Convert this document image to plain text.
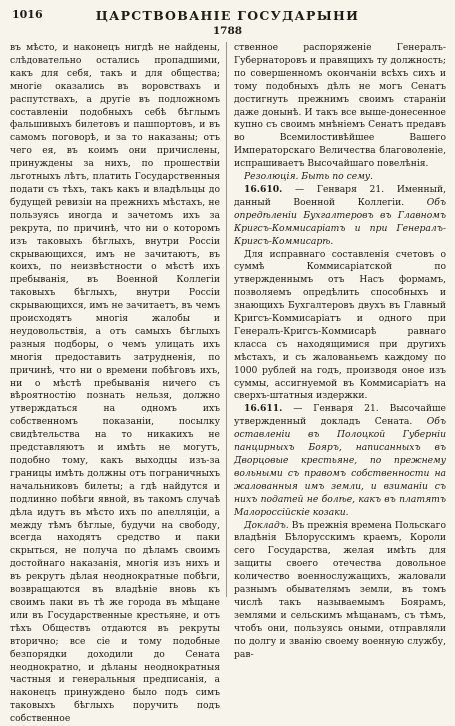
1016	ЦАРСТВОВАНІЕ ГОСУДАРЫНИ
1788

въ мѣсто, и наконецъ нигдѣ не найдены, слѣдовательно остались пропадшими, какъ для себя, такъ и для общества; многіе оказались въ воровствахъ и распутствахъ, а другіе въ подложномъ составленіи подобныхъ себѣ бѣглымъ фальшивыхъ билетовъ и пашпортовъ, и въ самомъ поговорѣ, и за то наказаны; отъ чего ея, въ коимъ они причислены, принуждены за нихъ, по прошествіи льготныхъ лѣтъ, платить Государственныя подати съ тѣхъ, такъ какъ и владѣльцы до будущей ревизіи на прежнихъ мѣстахъ, не пользуясь иногда и зачетомъ ихъ за рекрута, по причинѣ, что ни о которомъ изъ таковыхъ бѣглыхъ, внутри Россіи скрывающихся, имъ не зачитаютъ, въ коихъ, по неизвѣстности о мѣстѣ ихъ пребыванія, въ Военной Коллегіи таковыхъ бѣглыхъ, внутри Россіи скрывающихся, имъ не зачитаетъ, въ чемъ происходятъ многія жалобы и неудовольствія, а отъ самыхъ бѣглыхъ разныя подборы, о чемъ улицать ихъ многія предоставить затрудненія, по причинѣ, что ни о времени побѣговъ ихъ, ни о мѣстѣ пребыванія ничего съ вѣроятностію познать нельзя, должно утверждаться на одномъ ихъ собственномъ показаніи, посылку свидѣтельства на то никакихъ не представляютъ и имѣть не могутъ, подобно тому, какъ выходцы изъ-за границы имѣть должны отъ пограничныхъ начальниковъ билеты; а гдѣ найдутся и подлинно побѣги явной, въ такомъ случаѣ дѣла идутъ въ мѣсто ихъ по апелляціи, а между тѣмъ бѣглые, будучи на свободу, всегда находятъ средство и паки скрыться, не получа по дѣламъ своимъ достойнаго наказанія, многія изъ нихъ и въ рекрутъ дѣлая неоднократные побѣги, возвращаются въ владѣніе вновь къ своимъ паки въ тѣ же города въ мѣщане или въ Государственные крестьяне, и отъ тѣхъ Обществъ отдаются въ рекруты вторично; все сіе и тому подобные безпорядки доходили до Сената неоднократно, и дѣланы неоднократныя частныя и генеральныя предписанія, а наконецъ принуждено было подъ симъ таковыхъ бѣглыхъ поручить подъ собственное

ственное распоряженіе Генералъ-Губернаторовъ и правящихъ ту должность; по совершенномъ окончаніи всѣхъ сихъ и тому подобныхъ дѣлъ не могъ Сенатъ достигнуть прежнимъ своимъ стараніи даже донынѣ. И такъ все выше-донесенное купно съ своимъ мнѣніемъ Сенатъ предавъ во Всемилостивѣйшее Вашего Императорскаго Величества благоволеніе, испрашиваетъ Высочайшаго повелѣнія.

Резолюція. Быть по сему.

16.610. — Генваря 21. Именный, данный Военной Коллегіи. Объ опредѣленіи Бухгалтеровъ въ Главномъ Кригсъ-Коммисаріатъ и при Генералъ-Кригсъ-Коммисарѣ.

Для исправнаго составленія счетовъ о суммѣ Коммисаріатской по утвержденнымъ отъ Насъ формамъ, позволяемъ опредѣлить способныхъ и знающихъ Бухгалтеровъ двухъ въ Главный Кригсъ-Коммисаріатъ и одного при Генералъ-Кригсъ-Коммисарѣ равнаго класса съ находящимися при другихъ мѣстахъ, и съ жалованьемъ каждому по 1000 рублей на годъ, производя оное изъ суммы, ассигнуемой въ Коммисаріатъ на сверхъ-штатныя издержки.

16.611. — Генваря 21. Высочайше утвержденный докладъ Сената. Объ оставленіи въ Полоцкой Губерніи панцирныхъ Бояръ, написанныхъ въ Дворцовые крестьяне, по прежнему вольными съ правомъ собственности на жалованныя имъ земли, и взиманіи съ нихъ податей не болѣе, какъ въ платятъ Малороссійскіе козаки.

Докладъ. Въ прежнія времена Польскаго владѣнія Бѣлорусскимъ краемъ, Короли сего Государства, желая имѣть для защиты своего отечества довольное количество военнослужащихъ, жаловали разнымъ обывателямъ земли, въ томъ числѣ такъ называемымъ Боярамъ, землями и сельскимъ мѣщанамъ, съ тѣмъ, чтобъ они, пользуясь оными, отправляли по долгу и званію своему военную службу, рав-
